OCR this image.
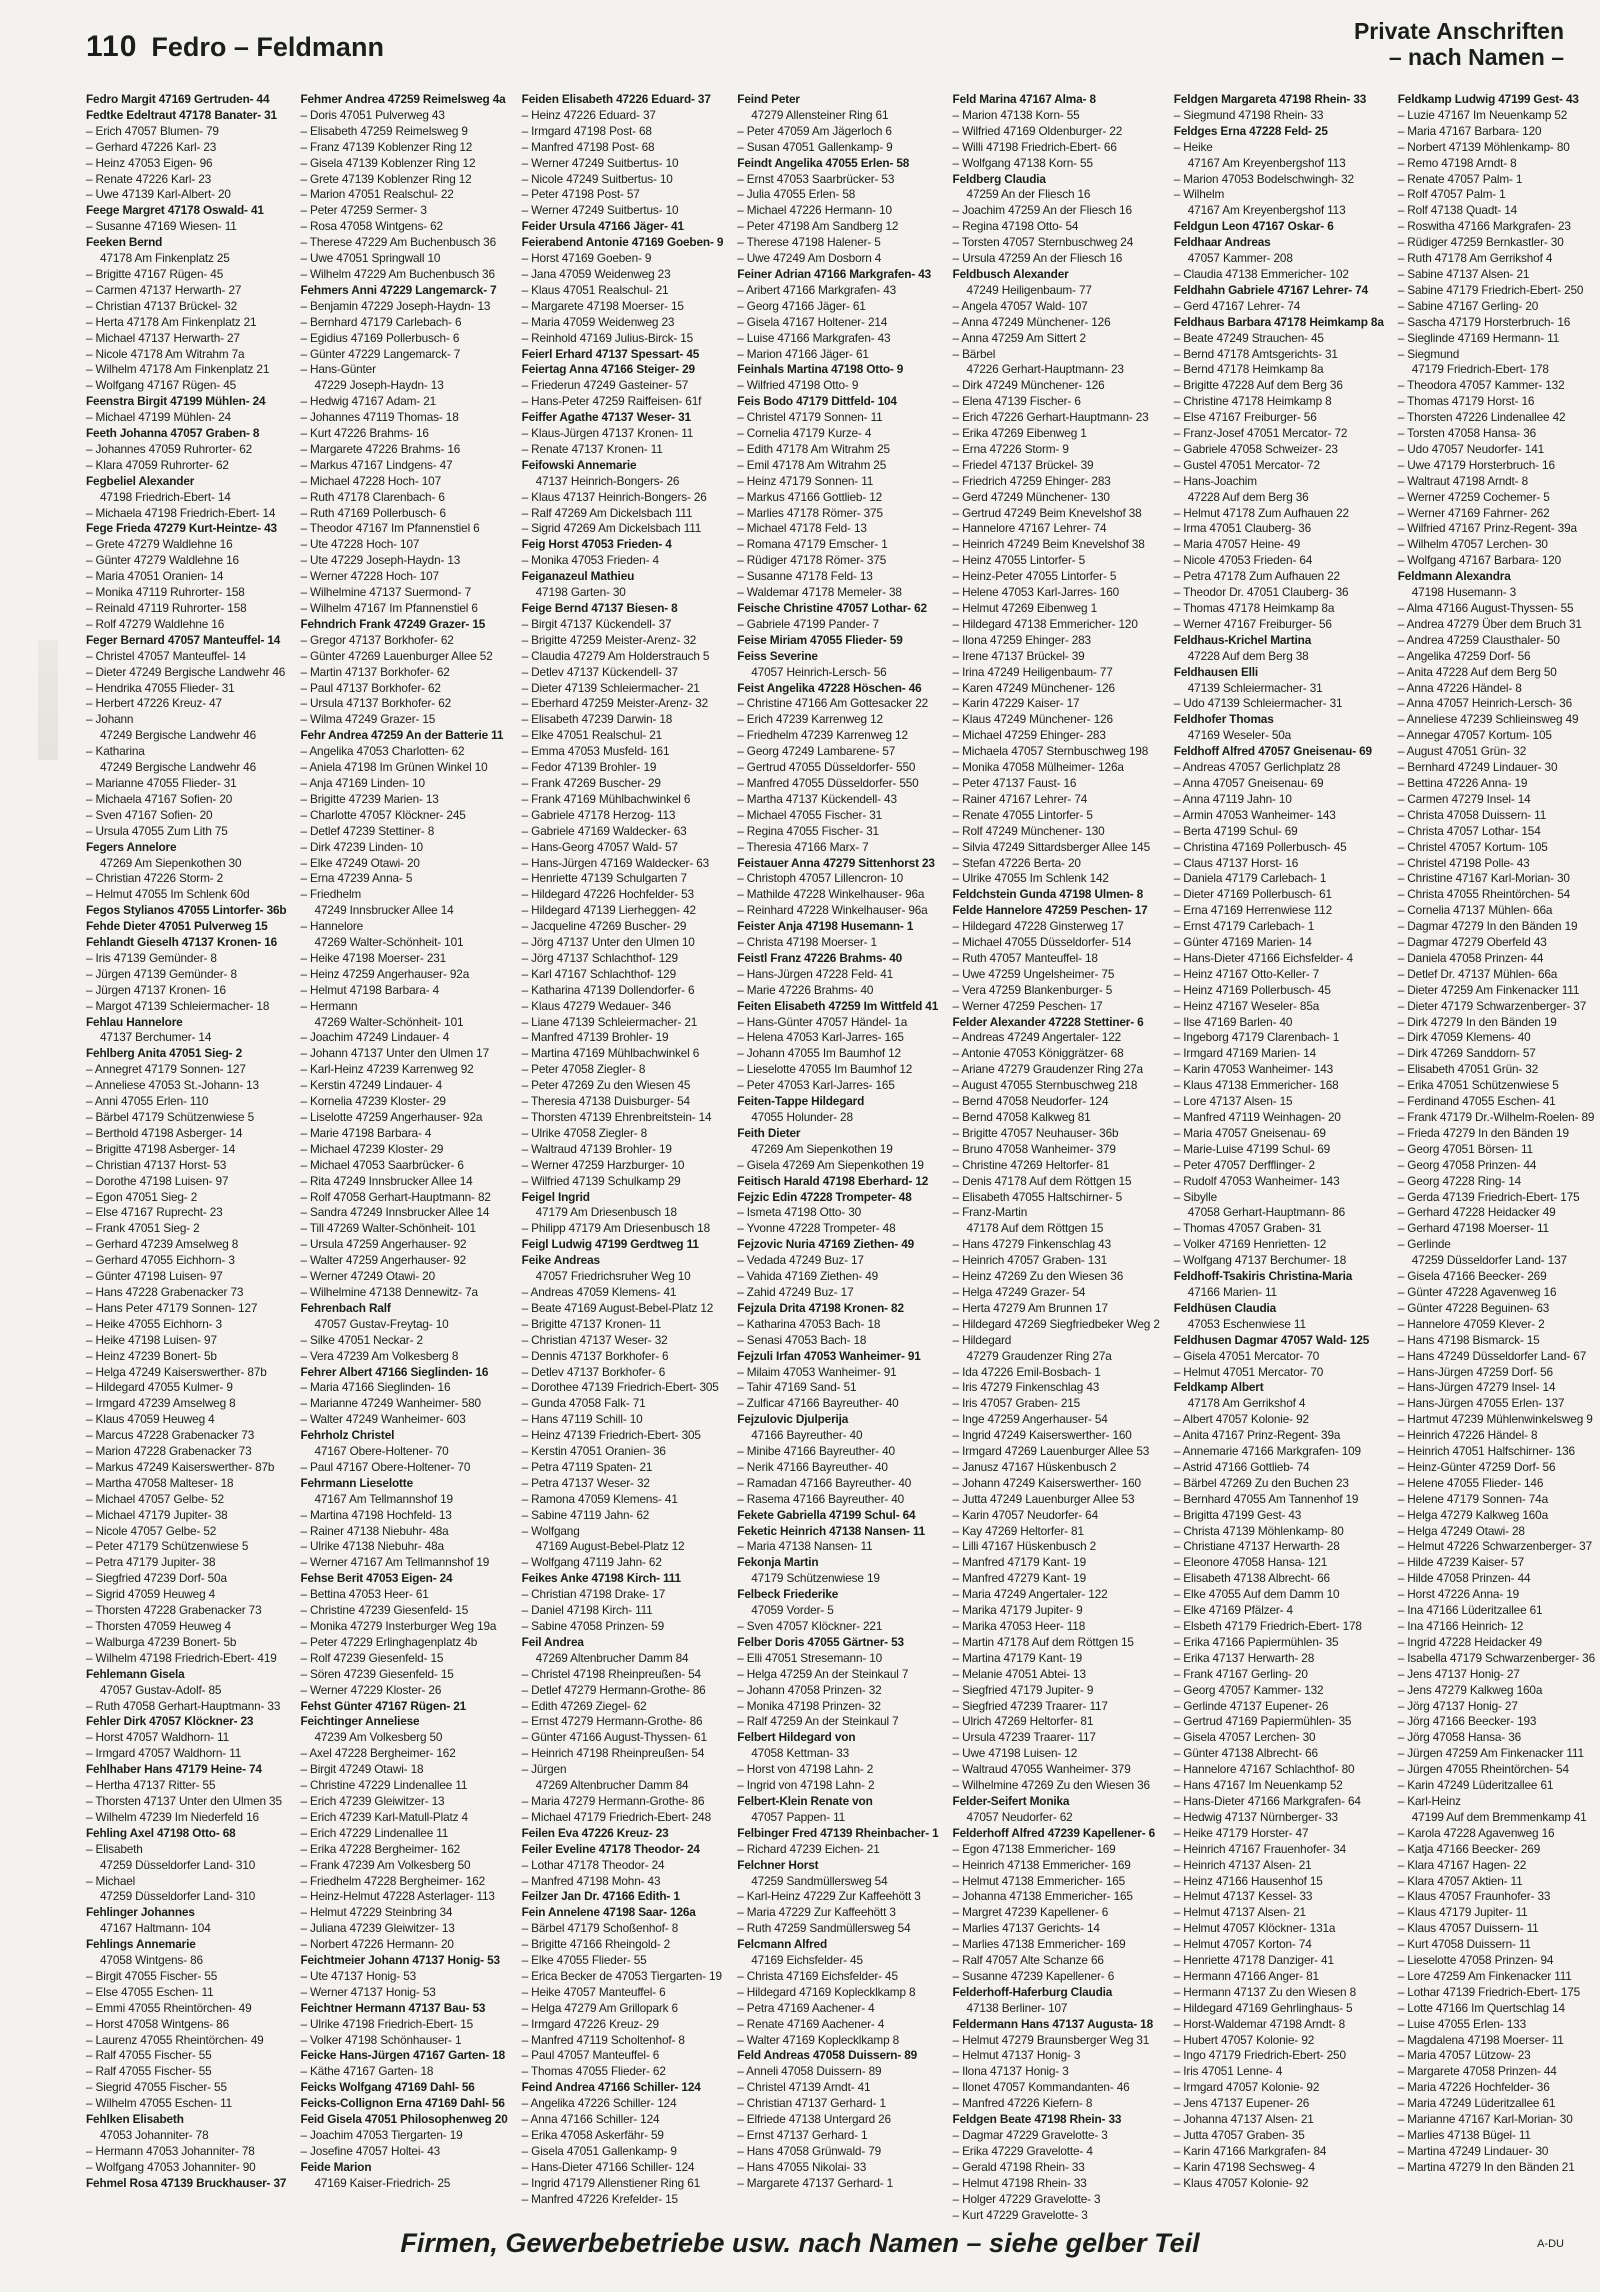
110 Fedro – Feldmann
Private Anschriften
– nach Namen –
Fedro Margit 47169 Gertruden- 44
Fedtke Edeltraut 47178 Banater- 31
– Erich 47057 Blumen- 79
– Gerhard 47226 Karl- 23
– Heinz 47053 Eigen- 96
– Renate 47226 Karl- 23
– Uwe 47139 Karl-Albert- 20
Feege Margret 47178 Oswald- 41
– Susanne 47169 Wiesen- 11
Feeken Bernd
47178 Am Finkenplatz 25
– Brigitte 47167 Rügen- 45
– Carmen 47137 Herwarth- 27
– Christian 47137 Brückel- 32
– Herta 47178 Am Finkenplatz 21
– Michael 47137 Herwarth- 27
– Nicole 47178 Am Witrahm 7a
– Wilhelm 47178 Am Finkenplatz 21
– Wolfgang 47167 Rügen- 45
Feenstra Birgit 47199 Mühlen- 24
– Michael 47199 Mühlen- 24
Feeth Johanna 47057 Graben- 8
– Johannes 47059 Ruhrorter- 62
– Klara 47059 Ruhrorter- 62
Fegbeliel Alexander
47198 Friedrich-Ebert- 14
– Michaela 47198 Friedrich-Ebert- 14
Fege Frieda 47279 Kurt-Heintze- 43
– Grete 47279 Waldlehne 16
– Günter 47279 Waldlehne 16
– Maria 47051 Oranien- 14
– Monika 47119 Ruhrorter- 158
– Reinald 47119 Ruhrorter- 158
– Rolf 47279 Waldlehne 16
Feger Bernard 47057 Manteuffel- 14
– Christel 47057 Manteuffel- 14
– Dieter 47249 Bergische Landwehr 46
– Hendrika 47055 Flieder- 31
– Herbert 47226 Kreuz- 47
– Johann
47249 Bergische Landwehr 46
– Katharina
47249 Bergische Landwehr 46
– Marianne 47055 Flieder- 31
– Michaela 47167 Sofien- 20
– Sven 47167 Sofien- 20
– Ursula 47055 Zum Lith 75
Fegers Annelore
47269 Am Siepenkothen 30
– Christian 47226 Storm- 2
– Helmut 47055 Im Schlenk 60d
Fegos Stylianos 47055 Lintorfer- 36b
Fehde Dieter 47051 Pulverweg 15
Fehlandt Gieselh 47137 Kronen- 16
– Iris 47139 Gemünder- 8
– Jürgen 47139 Gemünder- 8
– Jürgen 47137 Kronen- 16
– Margot 47139 Schleiermacher- 18
Fehlau Hannelore
47137 Berchumer- 14
Fehlberg Anita 47051 Sieg- 2
– Annegret 47179 Sonnen- 127
– Anneliese 47053 St.-Johann- 13
– Anni 47055 Erlen- 110
– Bärbel 47179 Schützenwiese 5
– Berthold 47198 Asberger- 14
– Brigitte 47198 Asberger- 14
– Christian 47137 Horst- 53
– Dorothe 47198 Luisen- 97
– Egon 47051 Sieg- 2
– Else 47167 Ruprecht- 23
– Frank 47051 Sieg- 2
– Gerhard 47239 Amselweg 8
– Gerhard 47055 Eichhorn- 3
– Günter 47198 Luisen- 97
– Hans 47228 Grabenacker 73
– Hans Peter 47179 Sonnen- 127
– Heike 47055 Eichhorn- 3
– Heike 47198 Luisen- 97
– Heinz 47239 Bonert- 5b
– Helga 47249 Kaiserswerther- 87b
– Hildegard 47055 Kulmer- 9
– Irmgard 47239 Amselweg 8
– Klaus 47059 Heuweg 4
– Marcus 47228 Grabenacker 73
– Marion 47228 Grabenacker 73
– Markus 47249 Kaiserswerther- 87b
– Martha 47058 Malteser- 18
– Michael 47057 Gelbe- 52
– Michael 47179 Jupiter- 38
– Nicole 47057 Gelbe- 52
– Peter 47179 Schützenwiese 5
– Petra 47179 Jupiter- 38
– Siegfried 47239 Dorf- 50a
– Sigrid 47059 Heuweg 4
– Thorsten 47228 Grabenacker 73
– Thorsten 47059 Heuweg 4
– Walburga 47239 Bonert- 5b
– Wilhelm 47198 Friedrich-Ebert- 419
Fehlemann Gisela
47057 Gustav-Adolf- 85
– Ruth 47058 Gerhart-Hauptmann- 33
Fehler Dirk 47057 Klöckner- 23
– Horst 47057 Waldhorn- 11
– Irmgard 47057 Waldhorn- 11
Fehlhaber Hans 47179 Heine- 74
– Hertha 47137 Ritter- 55
– Thorsten 47137 Unter den Ulmen 35
– Wilhelm 47239 Im Niederfeld 16
Fehling Axel 47198 Otto- 68
– Elisabeth
47259 Düsseldorfer Land- 310
– Michael
47259 Düsseldorfer Land- 310
Fehlinger Johannes
47167 Haltmann- 104
Fehlings Annemarie
47058 Wintgens- 86
– Birgit 47055 Fischer- 55
– Else 47055 Eschen- 11
– Emmi 47055 Rheintörchen- 49
– Horst 47058 Wintgens- 86
– Laurenz 47055 Rheintörchen- 49
– Ralf 47055 Fischer- 55
– Ralf 47055 Fischer- 55
– Siegrid 47055 Fischer- 55
– Wilhelm 47055 Eschen- 11
Fehlken Elisabeth
47053 Johanniter- 78
– Hermann 47053 Johanniter- 78
– Wolfgang 47053 Johanniter- 90
Fehmel Rosa 47139 Bruckhauser- 37
Fehmer Andrea 47259 Reimelsweg 4a
– Doris 47051 Pulverweg 43
– Elisabeth 47259 Reimelsweg 9
– Franz 47139 Koblenzer Ring 12
– Gisela 47139 Koblenzer Ring 12
– Grete 47139 Koblenzer Ring 12
– Marion 47051 Realschul- 22
– Peter 47259 Sermer- 3
– Rosa 47058 Wintgens- 62
– Therese 47229 Am Buchenbusch 36
– Uwe 47051 Springwall 10
– Wilhelm 47229 Am Buchenbusch 36
Fehmers Anni 47229 Langemarck- 7
– Benjamin 47229 Joseph-Haydn- 13
– Bernhard 47179 Carlebach- 6
– Egidius 47169 Pollerbusch- 6
– Günter 47229 Langemarck- 7
– Hans-Günter
47229 Joseph-Haydn- 13
– Hedwig 47167 Adam- 21
– Johannes 47119 Thomas- 18
– Kurt 47226 Brahms- 16
– Margarete 47226 Brahms- 16
– Markus 47167 Lindgens- 47
– Michael 47228 Hoch- 107
– Ruth 47178 Clarenbach- 6
– Ruth 47169 Pollerbusch- 6
– Theodor 47167 Im Pfannenstiel 6
– Ute 47228 Hoch- 107
– Ute 47229 Joseph-Haydn- 13
– Werner 47228 Hoch- 107
– Wilhelmine 47137 Suermond- 7
– Wilhelm 47167 Im Pfannenstiel 6
Fehndrich Frank 47249 Grazer- 15
– Gregor 47137 Borkhofer- 62
– Günter 47269 Lauenburger Allee 52
– Martin 47137 Borkhofer- 62
– Paul 47137 Borkhofer- 62
– Ursula 47137 Borkhofer- 62
– Wilma 47249 Grazer- 15
Fehr Andrea 47259 An der Batterie 11
– Angelika 47053 Charlotten- 62
– Aniela 47198 Im Grünen Winkel 10
– Anja 47169 Linden- 10
– Brigitte 47239 Marien- 13
– Charlotte 47057 Klöckner- 245
– Detlef 47239 Stettiner- 8
– Dirk 47239 Linden- 10
– Elke 47249 Otawi- 20
– Erna 47239 Anna- 5
– Friedhelm
47249 Innsbrucker Allee 14
– Hannelore
47269 Walter-Schönheit- 101
– Heike 47198 Moerser- 231
– Heinz 47259 Angerhauser- 92a
– Helmut 47198 Barbara- 4
– Hermann
47269 Walter-Schönheit- 101
– Joachim 47249 Lindauer- 4
– Johann 47137 Unter den Ulmen 17
– Karl-Heinz 47239 Karrenweg 92
– Kerstin 47249 Lindauer- 4
– Kornelia 47239 Kloster- 29
– Liselotte 47259 Angerhauser- 92a
– Marie 47198 Barbara- 4
– Michael 47239 Kloster- 29
– Michael 47053 Saarbrücker- 6
– Rita 47249 Innsbrucker Allee 14
– Rolf 47058 Gerhart-Hauptmann- 82
– Sandra 47249 Innsbrucker Allee 14
– Till 47269 Walter-Schönheit- 101
– Ursula 47259 Angerhauser- 92
– Walter 47259 Angerhauser- 92
– Werner 47249 Otawi- 20
– Wilhelmine 47138 Dennewitz- 7a
Fehrenbach Ralf
47057 Gustav-Freytag- 10
– Silke 47051 Neckar- 2
– Vera 47239 Am Volkesberg 8
Fehrer Albert 47166 Sieglinden- 16
– Maria 47166 Sieglinden- 16
– Marianne 47249 Wanheimer- 580
– Walter 47249 Wanheimer- 603
Fehrholz Christel
47167 Obere-Holtener- 70
– Paul 47167 Obere-Holtener- 70
Fehrmann Lieselotte
47167 Am Tellmannshof 19
– Martina 47198 Hochfeld- 13
– Rainer 47138 Niebuhr- 48a
– Ulrike 47138 Niebuhr- 48a
– Werner 47167 Am Tellmannshof 19
Fehse Berit 47053 Eigen- 24
– Bettina 47053 Heer- 61
– Christine 47239 Giesenfeld- 15
– Monika 47279 Insterburger Weg 19a
– Peter 47229 Erlinghagenplatz 4b
– Rolf 47239 Giesenfeld- 15
– Sören 47239 Giesenfeld- 15
– Werner 47229 Kloster- 26
Fehst Günter 47167 Rügen- 21
Feichtinger Anneliese
47239 Am Volkesberg 50
– Axel 47228 Bergheimer- 162
– Birgit 47249 Otawi- 18
– Christine 47229 Lindenallee 11
– Erich 47239 Gleiwitzer- 13
– Erich 47239 Karl-Matull-Platz 4
– Erich 47229 Lindenallee 11
– Erika 47228 Bergheimer- 162
– Frank 47239 Am Volkesberg 50
– Friedhelm 47228 Bergheimer- 162
– Heinz-Helmut 47228 Asterlager- 113
– Helmut 47229 Steinbring 34
– Juliana 47239 Gleiwitzer- 13
– Norbert 47226 Hermann- 20
Feichtmeier Johann 47137 Honig- 53
– Ute 47137 Honig- 53
– Werner 47137 Honig- 53
Feichtner Hermann 47137 Bau- 53
– Ulrike 47198 Friedrich-Ebert- 15
– Volker 47198 Schönhauser- 1
Feicke Hans-Jürgen 47167 Garten- 18
– Käthe 47167 Garten- 18
Feicks Wolfgang 47169 Dahl- 56
Feicks-Collignon Erna 47169 Dahl- 56
Feid Gisela 47051 Philosophenweg 20
– Joachim 47053 Tiergarten- 19
– Josefine 47057 Holtei- 43
Feide Marion
47169 Kaiser-Friedrich- 25
Feiden Elisabeth 47226 Eduard- 37
– Heinz 47226 Eduard- 37
– Irmgard 47198 Post- 68
– Manfred 47198 Post- 68
– Werner 47249 Suitbertus- 10
– Nicole 47249 Suitbertus- 10
– Peter 47198 Post- 57
– Werner 47249 Suitbertus- 10
Feider Ursula 47166 Jäger- 41
Feierabend Antonie 47169 Goeben- 9
– Horst 47169 Goeben- 9
– Jana 47059 Weidenweg 23
– Klaus 47051 Realschul- 21
– Margarete 47198 Moerser- 15
– Maria 47059 Weidenweg 23
– Reinhold 47169 Julius-Birck- 15
Feierl Erhard 47137 Spessart- 45
Feiertag Anna 47166 Steiger- 29
– Friederun 47249 Gasteiner- 57
– Hans-Peter 47259 Raiffeisen- 61f
Feiffer Agathe 47137 Weser- 31
– Klaus-Jürgen 47137 Kronen- 11
– Renate 47137 Kronen- 11
Feifowski Annemarie
47137 Heinrich-Bongers- 26
– Klaus 47137 Heinrich-Bongers- 26
– Ralf 47269 Am Dickelsbach 111
– Sigrid 47269 Am Dickelsbach 111
Feig Horst 47053 Frieden- 4
– Monika 47053 Frieden- 4
Feiganazeul Mathieu
47198 Garten- 30
Feige Bernd 47137 Biesen- 8
– Birgit 47137 Kückendell- 37
– Brigitte 47259 Meister-Arenz- 32
– Claudia 47279 Am Holderstrauch 5
– Detlev 47137 Kückendell- 37
– Dieter 47139 Schleiermacher- 21
– Eberhard 47259 Meister-Arenz- 32
– Elisabeth 47239 Darwin- 18
– Elke 47051 Realschul- 21
– Emma 47053 Musfeld- 161
– Fedor 47139 Brohler- 19
– Frank 47269 Buscher- 29
– Frank 47169 Mühlbachwinkel 6
– Gabriele 47178 Herzog- 113
– Gabriele 47169 Waldecker- 63
– Hans-Georg 47057 Wald- 57
– Hans-Jürgen 47169 Waldecker- 63
– Henriette 47139 Schulgarten 7
– Hildegard 47226 Hochfelder- 53
– Hildegard 47139 Lierheggen- 42
– Jacqueline 47269 Buscher- 29
– Jörg 47137 Unter den Ulmen 10
– Jörg 47137 Schlachthof- 129
– Karl 47167 Schlachthof- 129
– Katharina 47139 Dollendorfer- 6
– Klaus 47279 Wedauer- 346
– Liane 47139 Schleiermacher- 21
– Manfred 47139 Brohler- 19
– Martina 47169 Mühlbachwinkel 6
– Peter 47058 Ziegler- 8
– Peter 47269 Zu den Wiesen 45
– Theresia 47138 Duisburger- 54
– Thorsten 47139 Ehrenbreitstein- 14
– Ulrike 47058 Ziegler- 8
– Waltraud 47139 Brohler- 19
– Werner 47259 Harzburger- 10
– Wilfried 47139 Schulkamp 29
Feigel Ingrid
47179 Am Driesenbusch 18
– Philipp 47179 Am Driesenbusch 18
Feigl Ludwig 47199 Gerdtweg 11
Feike Andreas
47057 Friedrichsruher Weg 10
– Andreas 47059 Klemens- 41
– Beate 47169 August-Bebel-Platz 12
– Brigitte 47137 Kronen- 11
– Christian 47137 Weser- 32
– Dennis 47137 Borkhofer- 6
– Detlev 47137 Borkhofer- 6
– Dorothee 47139 Friedrich-Ebert- 305
– Gunda 47058 Falk- 71
– Hans 47119 Schill- 10
– Heinz 47139 Friedrich-Ebert- 305
– Kerstin 47051 Oranien- 36
– Petra 47119 Spaten- 21
– Petra 47137 Weser- 32
– Ramona 47059 Klemens- 41
– Sabine 47119 Jahn- 62
– Wolfgang
47169 August-Bebel-Platz 12
– Wolfgang 47119 Jahn- 62
Feikes Anke 47198 Kirch- 111
– Christian 47198 Drake- 17
– Daniel 47198 Kirch- 111
– Sabine 47058 Prinzen- 59
Feil Andrea
47269 Altenbrucher Damm 84
– Christel 47198 Rheinpreußen- 54
– Detlef 47279 Hermann-Grothe- 86
– Edith 47269 Ziegel- 62
– Ernst 47279 Hermann-Grothe- 86
– Günter 47166 August-Thyssen- 61
– Heinrich 47198 Rheinpreußen- 54
– Jürgen
47269 Altenbrucher Damm 84
– Maria 47279 Hermann-Grothe- 86
– Michael 47179 Friedrich-Ebert- 248
Feilen Eva 47226 Kreuz- 23
Feiler Eveline 47178 Theodor- 24
– Lothar 47178 Theodor- 24
– Manfred 47198 Mohn- 43
Feilzer Jan Dr. 47166 Edith- 1
Fein Annelene 47198 Saar- 126a
– Bärbel 47179 Schoßenhof- 8
– Brigitte 47166 Rheingold- 2
– Elke 47055 Flieder- 55
– Erica Becker de 47053 Tiergarten- 19
– Heike 47057 Manteuffel- 6
– Helga 47279 Am Grillopark 6
– Irmgard 47226 Kreuz- 29
– Manfred 47119 Scholtenhof- 8
– Paul 47057 Manteuffel- 6
– Thomas 47055 Flieder- 62
Feind Andrea 47166 Schiller- 124
– Angelika 47226 Schiller- 124
– Anna 47166 Schiller- 124
– Erika 47058 Askerfähr- 59
– Gisela 47051 Gallenkamp- 9
– Hans-Dieter 47166 Schiller- 124
– Ingrid 47179 Allenstiener Ring 61
– Manfred 47226 Krefelder- 15
Feind Peter
47279 Allensteiner Ring 61
– Peter 47059 Am Jägerloch 6
– Susan 47051 Gallenkamp- 9
Feindt Angelika 47055 Erlen- 58
– Ernst 47053 Saarbrücker- 53
– Julia 47055 Erlen- 58
– Michael 47226 Hermann- 10
– Peter 47198 Am Sandberg 12
– Therese 47198 Halener- 5
– Uwe 47249 Am Dosborn 4
Feiner Adrian 47166 Markgrafen- 43
– Aribert 47166 Markgrafen- 43
– Georg 47166 Jäger- 61
– Gisela 47167 Holtener- 214
– Luise 47166 Markgrafen- 43
– Marion 47166 Jäger- 61
Feinhals Martina 47198 Otto- 9
– Wilfried 47198 Otto- 9
Feis Bodo 47179 Dittfeld- 104
– Christel 47179 Sonnen- 11
– Cornelia 47179 Kurze- 4
– Edith 47178 Am Witrahm 25
– Emil 47178 Am Witrahm 25
– Heinz 47179 Sonnen- 11
– Markus 47166 Gottlieb- 12
– Marlies 47178 Römer- 375
– Michael 47178 Feld- 13
– Romana 47179 Emscher- 1
– Rüdiger 47178 Römer- 375
– Susanne 47178 Feld- 13
– Waldemar 47178 Memeler- 38
Feische Christine 47057 Lothar- 62
– Gabriele 47199 Pander- 7
Feise Miriam 47055 Flieder- 59
Feiss Severine
47057 Heinrich-Lersch- 56
Feist Angelika 47228 Höschen- 46
– Christine 47166 Am Gottesacker 22
– Erich 47239 Karrenweg 12
– Friedhelm 47239 Karrenweg 12
– Georg 47249 Lambarene- 57
– Gertrud 47055 Düsseldorfer- 550
– Manfred 47055 Düsseldorfer- 550
– Martha 47137 Kückendell- 43
– Michael 47055 Fischer- 31
– Regina 47055 Fischer- 31
– Theresia 47166 Marx- 7
Feistauer Anna 47279 Sittenhorst 23
– Christoph 47057 Lillencron- 10
– Mathilde 47228 Winkelhauser- 96a
– Reinhard 47228 Winkelhauser- 96a
Feister Anja 47198 Husemann- 1
– Christa 47198 Moerser- 1
Feistl Franz 47226 Brahms- 40
– Hans-Jürgen 47228 Feld- 41
– Marie 47226 Brahms- 40
Feiten Elisabeth 47259 Im Wittfeld 41
– Hans-Günter 47057 Händel- 1a
– Helena 47053 Karl-Jarres- 165
– Johann 47055 Im Baumhof 12
– Lieselotte 47055 Im Baumhof 12
– Peter 47053 Karl-Jarres- 165
Feiten-Tappe Hildegard
47055 Holunder- 28
Feith Dieter
47269 Am Siepenkothen 19
– Gisela 47269 Am Siepenkothen 19
Feitisch Harald 47198 Eberhard- 12
Fejzic Edin 47228 Trompeter- 48
– Ismeta 47198 Otto- 30
– Yvonne 47228 Trompeter- 48
Fejzovic Nuria 47169 Ziethen- 49
– Vedada 47249 Buz- 17
– Vahida 47169 Ziethen- 49
– Zahid 47249 Buz- 17
Fejzula Drita 47198 Kronen- 82
– Katharina 47053 Bach- 18
– Senasi 47053 Bach- 18
Fejzuli Irfan 47053 Wanheimer- 91
– Milaim 47053 Wanheimer- 91
– Tahir 47169 Sand- 51
– Zulficar 47166 Bayreuther- 40
Fejzulovic Djulperija
47166 Bayreuther- 40
– Minibe 47166 Bayreuther- 40
– Nerik 47166 Bayreuther- 40
– Ramadan 47166 Bayreuther- 40
– Rasema 47166 Bayreuther- 40
Fekete Gabriella 47199 Schul- 64
Feketic Heinrich 47138 Nansen- 11
– Maria 47138 Nansen- 11
Fekonja Martin
47179 Schützenwiese 19
Felbeck Friederike
47059 Vorder- 5
– Sven 47057 Klöckner- 221
Felber Doris 47055 Gärtner- 53
– Elli 47051 Stresemann- 10
– Helga 47259 An der Steinkaul 7
– Johann 47058 Prinzen- 32
– Monika 47198 Prinzen- 32
– Ralf 47259 An der Steinkaul 7
Felbert Hildegard von
47058 Kettman- 33
– Horst von 47198 Lahn- 2
– Ingrid von 47198 Lahn- 2
Felbert-Klein Renate von
47057 Pappen- 11
Felbinger Fred 47139 Rheinbacher- 1
– Richard 47239 Eichen- 21
Felchner Horst
47259 Sandmüllersweg 54
– Karl-Heinz 47229 Zur Kaffeehött 3
– Maria 47229 Zur Kaffeehött 3
– Ruth 47259 Sandmüllersweg 54
Felcmann Alfred
47169 Eichsfelder- 45
– Christa 47169 Eichsfelder- 45
– Hildegard 47169 Koplecklkamp 8
– Petra 47169 Aachener- 4
– Renate 47169 Aachener- 4
– Walter 47169 Koplecklkamp 8
Feld Andreas 47058 Duissern- 89
– Anneli 47058 Duissern- 89
– Christel 47139 Arndt- 41
– Christian 47137 Gerhard- 1
– Elfriede 47138 Untergard 26
– Ernst 47137 Gerhard- 1
– Hans 47058 Grünwald- 79
– Hans 47055 Nikolai- 33
– Margarete 47137 Gerhard- 1
Feld Marina 47167 Alma- 8
– Marion 47138 Korn- 55
– Wilfried 47169 Oldenburger- 22
– Willi 47198 Friedrich-Ebert- 66
– Wolfgang 47138 Korn- 55
Feldberg Claudia
47259 An der Fliesch 16
– Joachim 47259 An der Fliesch 16
– Regina 47198 Otto- 54
– Torsten 47057 Sternbuschweg 24
– Ursula 47259 An der Fliesch 16
Feldbusch Alexander
47249 Heiligenbaum- 77
– Angela 47057 Wald- 107
– Anna 47249 Münchener- 126
– Anna 47259 Am Sittert 2
– Bärbel
47226 Gerhart-Hauptmann- 23
– Dirk 47249 Münchener- 126
– Elena 47139 Fischer- 6
– Erich 47226 Gerhart-Hauptmann- 23
– Erika 47269 Eibenweg 1
– Erna 47226 Storm- 9
– Friedel 47137 Brückel- 39
– Friedrich 47259 Ehinger- 283
– Gerd 47249 Münchener- 130
– Gertrud 47249 Beim Knevelshof 38
– Hannelore 47167 Lehrer- 74
– Heinrich 47249 Beim Knevelshof 38
– Heinz 47055 Lintorfer- 5
– Heinz-Peter 47055 Lintorfer- 5
– Helene 47053 Karl-Jarres- 160
– Helmut 47269 Eibenweg 1
– Hildegard 47138 Emmericher- 120
– Ilona 47259 Ehinger- 283
– Irene 47137 Brückel- 39
– Irina 47249 Heiligenbaum- 77
– Karen 47249 Münchener- 126
– Karin 47229 Kaiser- 17
– Klaus 47249 Münchener- 126
– Michael 47259 Ehinger- 283
– Michaela 47057 Sternbuschweg 198
– Monika 47058 Mülheimer- 126a
– Peter 47137 Faust- 16
– Rainer 47167 Lehrer- 74
– Renate 47055 Lintorfer- 5
– Rolf 47249 Münchener- 130
– Silvia 47249 Sittardsberger Allee 145
– Stefan 47226 Berta- 20
– Ulrike 47055 Im Schlenk 142
Feldchstein Gunda 47198 Ulmen- 8
Felde Hannelore 47259 Peschen- 17
– Hildegard 47228 Ginsterweg 17
– Michael 47055 Düsseldorfer- 514
– Ruth 47057 Manteuffel- 18
– Uwe 47259 Ungelsheimer- 75
– Vera 47259 Blankenburger- 5
– Werner 47259 Peschen- 17
Felder Alexander 47228 Stettiner- 6
– Andreas 47249 Angertaler- 122
– Antonie 47053 Königgrätzer- 68
– Ariane 47279 Graudenzer Ring 27a
– August 47055 Sternbuschweg 218
– Bernd 47058 Neudorfer- 124
– Bernd 47058 Kalkweg 81
– Brigitte 47057 Neuhauser- 36b
– Bruno 47058 Wanheimer- 379
– Christine 47269 Heltorfer- 81
– Denis 47178 Auf dem Röttgen 15
– Elisabeth 47055 Haltschirner- 5
– Franz-Martin
47178 Auf dem Röttgen 15
– Hans 47279 Finkenschlag 43
– Heinrich 47057 Graben- 131
– Heinz 47269 Zu den Wiesen 36
– Helga 47249 Grazer- 54
– Herta 47279 Am Brunnen 17
– Hildegard 47269 Siegfriedbeker Weg 2
– Hildegard
47279 Graudenzer Ring 27a
– Ida 47226 Emil-Bosbach- 1
– Iris 47279 Finkenschlag 43
– Iris 47057 Graben- 215
– Inge 47259 Angerhauser- 54
– Ingrid 47249 Kaiserswerther- 160
– Irmgard 47269 Lauenburger Allee 53
– Janusz 47167 Hüskenbusch 2
– Johann 47249 Kaiserswerther- 160
– Jutta 47249 Lauenburger Allee 53
– Karin 47057 Neudorfer- 64
– Kay 47269 Heltorfer- 81
– Lilli 47167 Hüskenbusch 2
– Manfred 47179 Kant- 19
– Manfred 47279 Kant- 19
– Maria 47249 Angertaler- 122
– Marika 47179 Jupiter- 9
– Marika 47053 Heer- 118
– Martin 47178 Auf dem Röttgen 15
– Martina 47179 Kant- 19
– Melanie 47051 Abtei- 13
– Siegfried 47179 Jupiter- 9
– Siegfried 47239 Traarer- 117
– Ulrich 47269 Heltorfer- 81
– Ursula 47239 Traarer- 117
– Uwe 47198 Luisen- 12
– Waltraud 47055 Wanheimer- 379
– Wilhelmine 47269 Zu den Wiesen 36
Felder-Seifert Monika
47057 Neudorfer- 62
Felderhoff Alfred 47239 Kapellener- 6
– Egon 47138 Emmericher- 169
– Heinrich 47138 Emmericher- 169
– Helmut 47138 Emmericher- 165
– Johanna 47138 Emmericher- 165
– Margret 47239 Kapellener- 6
– Marlies 47137 Gerichts- 14
– Marlies 47138 Emmericher- 169
– Ralf 47057 Alte Schanze 66
– Susanne 47239 Kapellener- 6
Felderhoff-Haferburg Claudia
47138 Berliner- 107
Feldermann Hans 47137 Augusta- 18
– Helmut 47279 Braunsberger Weg 31
– Helmut 47137 Honig- 3
– Ilona 47137 Honig- 3
– Ilonet 47057 Kommandanten- 46
– Manfred 47226 Kiefern- 8
Feldgen Beate 47198 Rhein- 33
– Dagmar 47229 Gravelotte- 3
– Erika 47229 Gravelotte- 4
– Gerald 47198 Rhein- 33
– Helmut 47198 Rhein- 33
– Holger 47229 Gravelotte- 3
– Kurt 47229 Gravelotte- 3
Feldgen Margareta 47198 Rhein- 33
– Siegmund 47198 Rhein- 33
Feldges Erna 47228 Feld- 25
– Heike
47167 Am Kreyenbergshof 113
– Marion 47053 Bodelschwingh- 32
– Wilhelm
47167 Am Kreyenbergshof 113
Feldgun Leon 47167 Oskar- 6
Feldhaar Andreas
47057 Kammer- 208
– Claudia 47138 Emmericher- 102
Feldhahn Gabriele 47167 Lehrer- 74
– Gerd 47167 Lehrer- 74
Feldhaus Barbara 47178 Heimkamp 8a
– Beate 47249 Strauchen- 45
– Bernd 47178 Amtsgerichts- 31
– Bernd 47178 Heimkamp 8a
– Brigitte 47228 Auf dem Berg 36
– Christine 47178 Heimkamp 8
– Else 47167 Freiburger- 56
– Franz-Josef 47051 Mercator- 72
– Gabriele 47058 Schweizer- 23
– Gustel 47051 Mercator- 72
– Hans-Joachim
47228 Auf dem Berg 36
– Helmut 47178 Zum Aufhauen 22
– Irma 47051 Clauberg- 36
– Maria 47057 Heine- 49
– Nicole 47053 Frieden- 64
– Petra 47178 Zum Aufhauen 22
– Theodor Dr. 47051 Clauberg- 36
– Thomas 47178 Heimkamp 8a
– Werner 47167 Freiburger- 56
Feldhaus-Krichel Martina
47228 Auf dem Berg 38
Feldhausen Elli
47139 Schleiermacher- 31
– Udo 47139 Schleiermacher- 31
Feldhofer Thomas
47169 Weseler- 50a
Feldhoff Alfred 47057 Gneisenau- 69
– Andreas 47057 Gerlichplatz 28
– Anna 47057 Gneisenau- 69
– Anna 47119 Jahn- 10
– Armin 47053 Wanheimer- 143
– Berta 47199 Schul- 69
– Christina 47169 Pollerbusch- 45
– Claus 47137 Horst- 16
– Daniela 47179 Carlebach- 1
– Dieter 47169 Pollerbusch- 61
– Erna 47169 Herrenwiese 112
– Ernst 47179 Carlebach- 1
– Günter 47169 Marien- 14
– Hans-Dieter 47166 Eichsfelder- 4
– Heinz 47167 Otto-Keller- 7
– Heinz 47169 Pollerbusch- 45
– Heinz 47167 Weseler- 85a
– Ilse 47169 Barlen- 40
– Ingeborg 47179 Clarenbach- 1
– Irmgard 47169 Marien- 14
– Karin 47053 Wanheimer- 143
– Klaus 47138 Emmericher- 168
– Lore 47137 Alsen- 15
– Manfred 47119 Weinhagen- 20
– Maria 47057 Gneisenau- 69
– Marie-Luise 47199 Schul- 69
– Peter 47057 Derfflinger- 2
– Rudolf 47053 Wanheimer- 143
– Sibylle
47058 Gerhart-Hauptmann- 86
– Thomas 47057 Graben- 31
– Volker 47169 Henrietten- 12
– Wolfgang 47137 Berchumer- 18
Feldhoff-Tsakiris Christina-Maria
47166 Marien- 11
Feldhüsen Claudia
47053 Eschenwiese 11
Feldhusen Dagmar 47057 Wald- 125
– Gisela 47051 Mercator- 70
– Helmut 47051 Mercator- 70
Feldkamp Albert
47178 Am Gerrikshof 4
– Albert 47057 Kolonie- 92
– Anita 47167 Prinz-Regent- 39a
– Annemarie 47166 Markgrafen- 109
– Astrid 47166 Gottlieb- 74
– Bärbel 47269 Zu den Buchen 23
– Bernhard 47055 Am Tannenhof 19
– Brigitta 47199 Gest- 43
– Christa 47139 Möhlenkamp- 80
– Christiane 47137 Herwarth- 28
– Eleonore 47058 Hansa- 121
– Elisabeth 47138 Albrecht- 66
– Elke 47055 Auf dem Damm 10
– Elke 47169 Pfälzer- 4
– Elsbeth 47179 Friedrich-Ebert- 178
– Erika 47166 Papiermühlen- 35
– Erika 47137 Herwarth- 28
– Frank 47167 Gerling- 20
– Georg 47057 Kammer- 132
– Gerlinde 47137 Eupener- 26
– Gertrud 47169 Papiermühlen- 35
– Gisela 47057 Lerchen- 30
– Günter 47138 Albrecht- 66
– Hannelore 47167 Schlachthof- 80
– Hans 47167 Im Neuenkamp 52
– Hans-Dieter 47166 Markgrafen- 64
– Hedwig 47137 Nürnberger- 33
– Heike 47179 Horster- 47
– Heinrich 47167 Frauenhofer- 34
– Heinrich 47137 Alsen- 21
– Heinz 47166 Hausenhof 15
– Helmut 47137 Kessel- 33
– Helmut 47137 Alsen- 21
– Helmut 47057 Klöckner- 131a
– Helmut 47057 Korton- 74
– Henriette 47178 Danziger- 41
– Hermann 47166 Anger- 81
– Hermann 47137 Zu den Wiesen 8
– Hildegard 47169 Gehrlinghaus- 5
– Horst-Waldemar 47198 Arndt- 8
– Hubert 47057 Kolonie- 92
– Ingo 47179 Friedrich-Ebert- 250
– Iris 47051 Lenne- 4
– Irmgard 47057 Kolonie- 92
– Jens 47137 Eupener- 26
– Johanna 47137 Alsen- 21
– Jutta 47057 Graben- 35
– Karin 47166 Markgrafen- 84
– Karin 47198 Sechsweg- 4
– Klaus 47057 Kolonie- 92
Feldkamp Ludwig 47199 Gest- 43
– Luzie 47167 Im Neuenkamp 52
– Maria 47167 Barbara- 120
– Norbert 47139 Möhlenkamp- 80
– Remo 47198 Arndt- 8
– Renate 47057 Palm- 1
– Rolf 47057 Palm- 1
– Rolf 47138 Quadt- 14
– Roswitha 47166 Markgrafen- 23
– Rüdiger 47259 Bernkastler- 30
– Ruth 47178 Am Gerrikshof 4
– Sabine 47137 Alsen- 21
– Sabine 47179 Friedrich-Ebert- 250
– Sabine 47167 Gerling- 20
– Sascha 47179 Horsterbruch- 16
– Sieglinde 47169 Hermann- 11
– Siegmund
47179 Friedrich-Ebert- 178
– Theodora 47057 Kammer- 132
– Thomas 47179 Horst- 16
– Thorsten 47226 Lindenallee 42
– Torsten 47058 Hansa- 36
– Udo 47057 Neudorfer- 141
– Uwe 47179 Horsterbruch- 16
– Waltraut 47198 Arndt- 8
– Werner 47259 Cochemer- 5
– Werner 47169 Fahrner- 262
– Wilfried 47167 Prinz-Regent- 39a
– Wilhelm 47057 Lerchen- 30
– Wolfgang 47167 Barbara- 120
Feldmann Alexandra
47198 Husemann- 3
– Alma 47166 August-Thyssen- 55
– Andrea 47279 Über dem Bruch 31
– Andrea 47259 Clausthaler- 50
– Angelika 47259 Dorf- 56
– Anita 47228 Auf dem Berg 50
– Anna 47226 Händel- 8
– Anna 47057 Heinrich-Lersch- 36
– Anneliese 47239 Schlieinsweg 49
– Annegar 47057 Kortum- 105
– August 47051 Grün- 32
– Bernhard 47249 Lindauer- 30
– Bettina 47226 Anna- 19
– Carmen 47279 Insel- 14
– Christa 47058 Duissern- 11
– Christa 47057 Lothar- 154
– Christel 47057 Kortum- 105
– Christel 47198 Polle- 43
– Christine 47167 Karl-Morian- 30
– Christa 47055 Rheintörchen- 54
– Cornelia 47137 Mühlen- 66a
– Dagmar 47279 In den Bänden 19
– Dagmar 47279 Oberfeld 43
– Daniela 47058 Prinzen- 44
– Detlef Dr. 47137 Mühlen- 66a
– Dieter 47259 Am Finkenacker 111
– Dieter 47179 Schwarzenberger- 37
– Dirk 47279 In den Bänden 19
– Dirk 47059 Klemens- 40
– Dirk 47269 Sanddorn- 57
– Elisabeth 47051 Grün- 32
– Erika 47051 Schützenwiese 5
– Ferdinand 47055 Eschen- 41
– Frank 47179 Dr.-Wilhelm-Roelen- 89
– Frieda 47279 In den Bänden 19
– Georg 47051 Börsen- 11
– Georg 47058 Prinzen- 44
– Georg 47228 Ring- 14
– Gerda 47139 Friedrich-Ebert- 175
– Gerhard 47228 Heidacker 49
– Gerhard 47198 Moerser- 11
– Gerlinde
47259 Düsseldorfer Land- 137
– Gisela 47166 Beecker- 269
– Günter 47228 Agavenweg 16
– Günter 47228 Beguinen- 63
– Hannelore 47059 Klever- 2
– Hans 47198 Bismarck- 15
– Hans 47249 Düsseldorfer Land- 67
– Hans-Jürgen 47259 Dorf- 56
– Hans-Jürgen 47279 Insel- 14
– Hans-Jürgen 47055 Erlen- 137
– Hartmut 47239 Mühlenwinkelsweg 9
– Heinrich 47226 Händel- 8
– Heinrich 47051 Halfschirner- 136
– Heinz-Günter 47259 Dorf- 56
– Helene 47055 Flieder- 146
– Helene 47179 Sonnen- 74a
– Helga 47279 Kalkweg 160a
– Helga 47249 Otawi- 28
– Helmut 47226 Schwarzenberger- 37
– Hilde 47239 Kaiser- 57
– Hilde 47058 Prinzen- 44
– Horst 47226 Anna- 19
– Ina 47166 Lüderitzallee 61
– Ina 47166 Heinrich- 12
– Ingrid 47228 Heidacker 49
– Isabella 47179 Schwarzenberger- 36
– Jens 47137 Honig- 27
– Jens 47279 Kalkweg 160a
– Jörg 47137 Honig- 27
– Jörg 47166 Beecker- 193
– Jörg 47058 Hansa- 36
– Jürgen 47259 Am Finkenacker 111
– Jürgen 47055 Rheintörchen- 54
– Karin 47249 Lüderitzallee 61
– Karl-Heinz
47199 Auf dem Bremmenkamp 41
– Karola 47228 Agavenweg 16
– Katja 47166 Beecker- 269
– Klara 47167 Hagen- 22
– Klara 47057 Aktien- 11
– Klaus 47057 Fraunhofer- 33
– Klaus 47179 Jupiter- 11
– Klaus 47057 Duissern- 11
– Kurt 47058 Duissern- 11
– Lieselotte 47058 Prinzen- 94
– Lore 47259 Am Finkenacker 111
– Lothar 47139 Friedrich-Ebert- 175
– Lotte 47166 Im Quertschlag 14
– Luise 47055 Erlen- 133
– Magdalena 47198 Moerser- 11
– Maria 47057 Lützow- 23
– Margarete 47058 Prinzen- 44
– Maria 47226 Hochfelder- 36
– Maria 47249 Lüderitzallee 61
– Marianne 47167 Karl-Morian- 30
– Marlies 47138 Bügel- 11
– Martina 47249 Lindauer- 30
– Martina 47279 In den Bänden 21
Firmen, Gewerbebetriebe usw. nach Namen – siehe gelber Teil	A-DU
